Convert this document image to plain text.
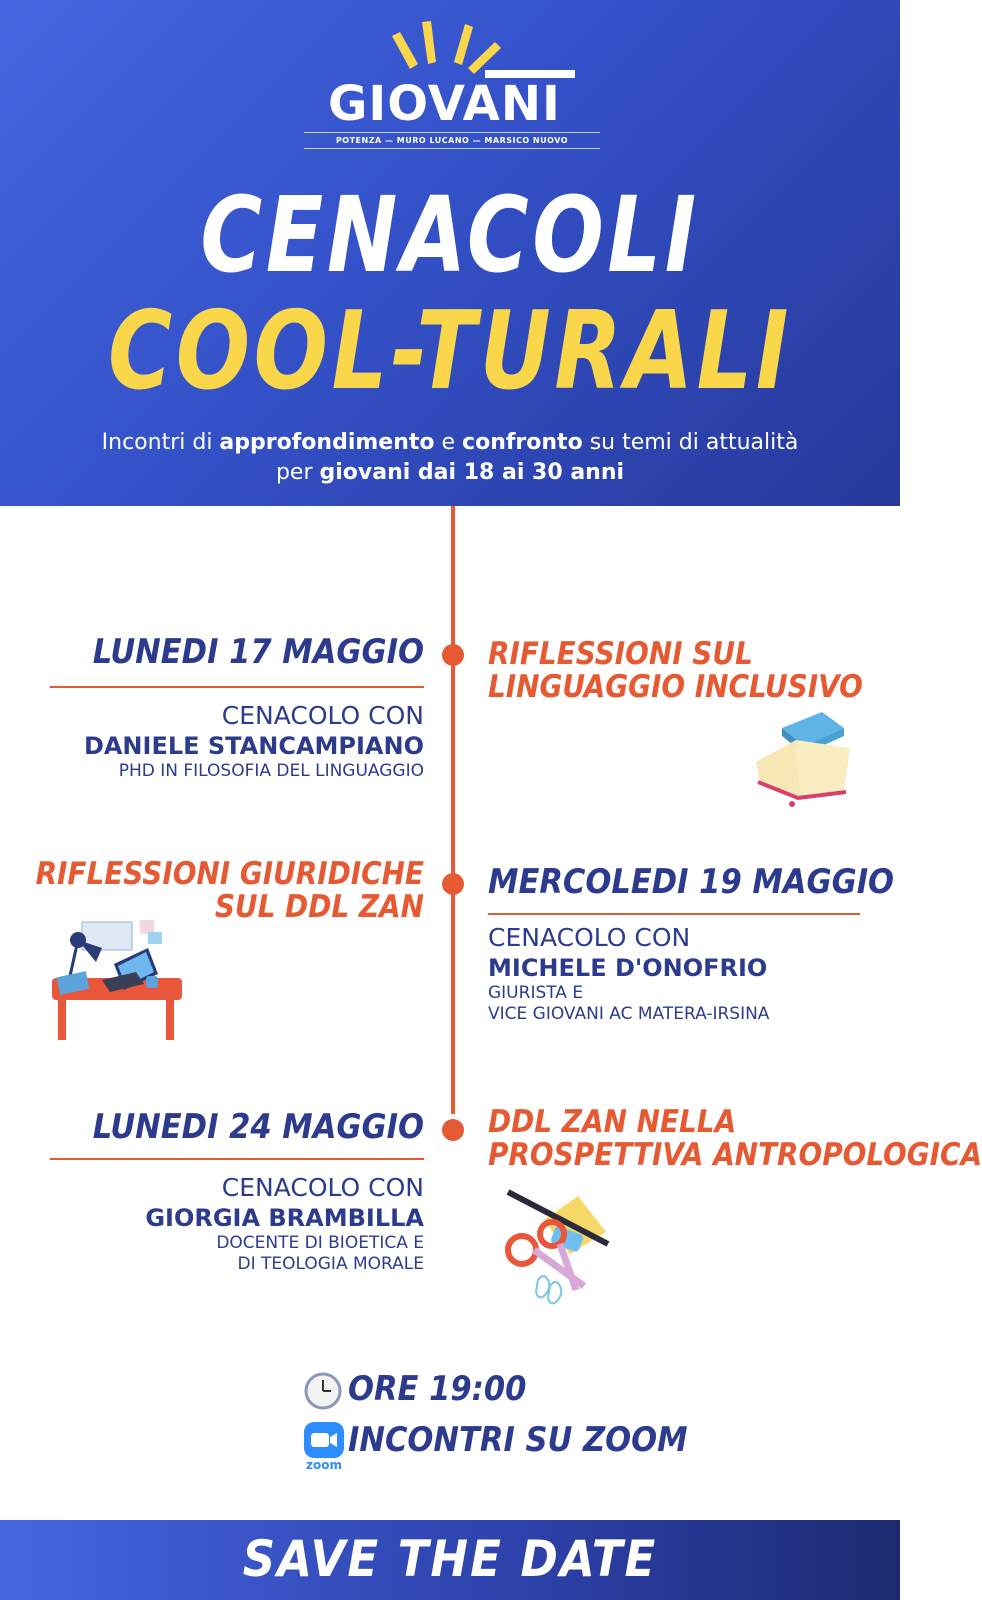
GIOVANI
POTENZA — MURO LUCANO — MARSICO NUOVO
CENACOLI
COOL-TURALI
Incontri di approfondimento e confronto su temi di attualità
per giovani dai 18 ai 30 anni
LUNEDI 17 MAGGIO
CENACOLO CON
DANIELE STANCAMPIANO
PHD IN FILOSOFIA DEL LINGUAGGIO
RIFLESSIONI SUL
LINGUAGGIO INCLUSIVO
RIFLESSIONI GIURIDICHE
SUL DDL ZAN
MERCOLEDI 19 MAGGIO
CENACOLO CON
MICHELE D'ONOFRIO
GIURISTA E
VICE GIOVANI AC MATERA-IRSINA
LUNEDI 24 MAGGIO
CENACOLO CON
GIORGIA BRAMBILLA
DOCENTE DI BIOETICA E
DI TEOLOGIA MORALE
DDL ZAN NELLA
PROSPETTIVA ANTROPOLOGICA
ORE 19:00
zoom
INCONTRI SU ZOOM
SAVE THE DATE
